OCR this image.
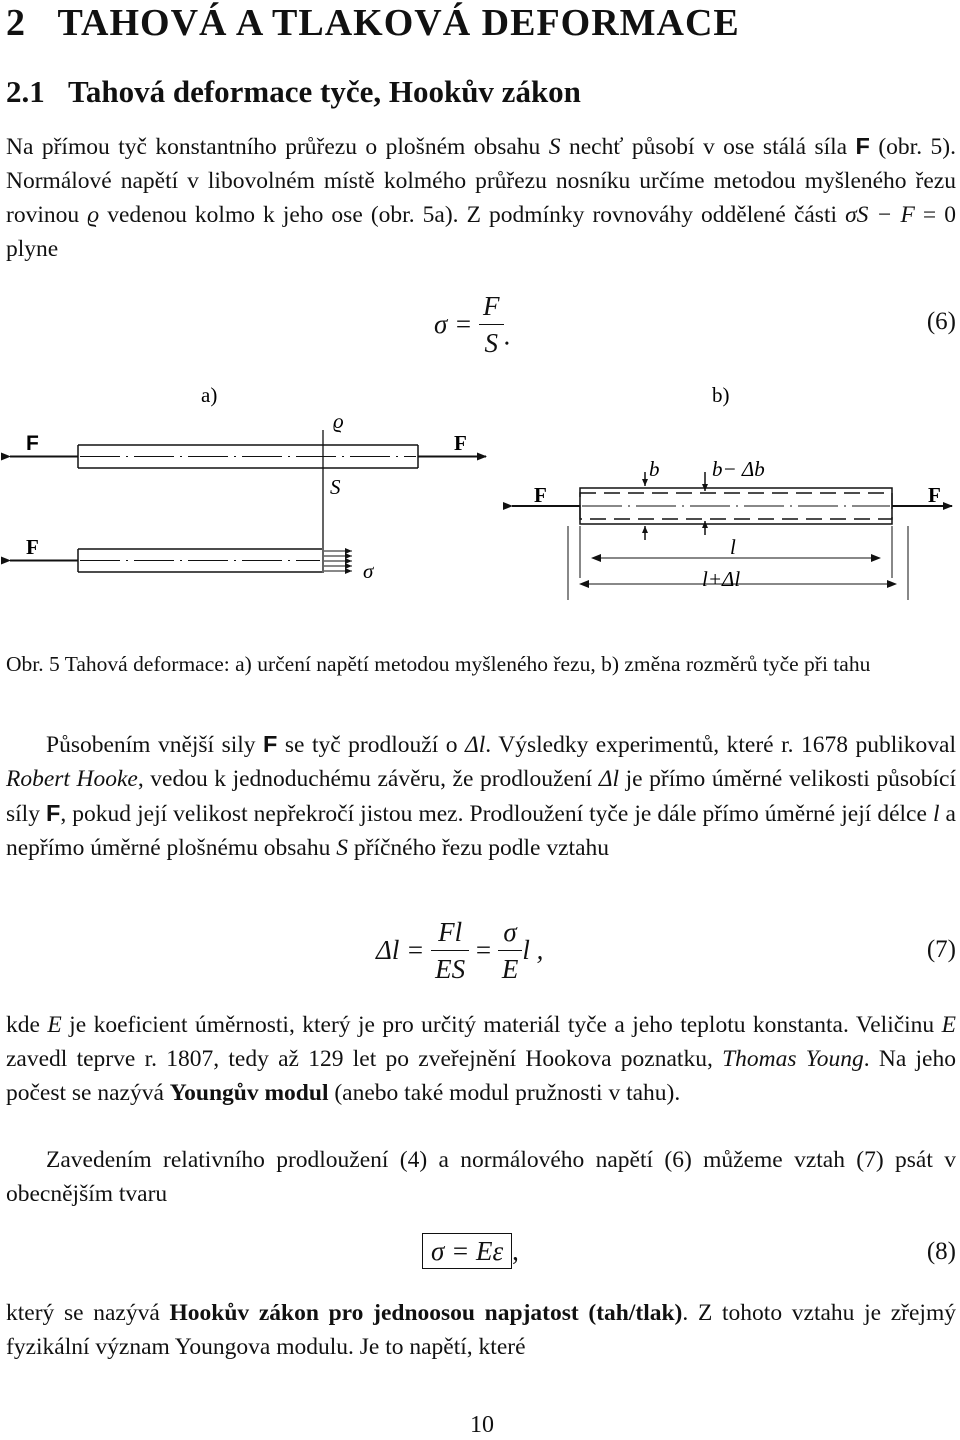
2 TAHOVÁ A TLAKOVÁ DEFORMACE
2.1 Tahová deformace tyče, Hookův zákon

Na přímou tyč konstantního průřezu o plošném obsahu S nechť působí v ose stálá síla F (obr. 5). Normálové napětí v libovolném místě kolmého průřezu nosníku určíme metodou myšleného řezu rovinou ϱ vedenou kolmo k jeho ose (obr. 5a). Z podmínky rovnováhy oddělené části σS − F = 0 plyne

$\sigma = \frac{F}{S}$ .	(6)
a)	b)
F	F
ϱ
S
F
σ
F	F
b	b− Δb
l
l+Δl

Obr. 5 Tahová deformace: a) určení napětí metodou myšleného řezu, b) změna rozměrů tyče při tahu

Působením vnější sily F se tyč prodlouží o Δl. Výsledky experimentů, které r. 1678 publikoval Robert Hooke, vedou k jednoduchému závěru, že prodloužení Δl je přímo úměrné velikosti působící síly F, pokud její velikost nepřekročí jistou mez. Prodloužení tyče je dále přímo úměrné její délce l a nepřímo úměrné plošnému obsahu S příčného řezu podle vztahu

$\Delta l = \frac{Fl}{ES} = \frac{\sigma}{E}$ l ,	(7)

kde E je koeficient úměrnosti, který je pro určitý materiál tyče a jeho teplotu konstanta. Veličinu E zavedl teprve r. 1807, tedy až 129 let po zveřejnění Hookova poznatku, Thomas Young. Na jeho počest se nazývá Youngův modul (anebo také modul pružnosti v tahu).

Zavedením relativního prodloužení (4) a normálového napětí (6) můžeme vztah (7) psát v obecnějším tvaru

σ = Eε ,	(8)

který se nazývá Hookův zákon pro jednoosou napjatost (tah/tlak). Z tohoto vztahu je zřejmý fyzikální význam Youngova modulu. Je to napětí, které

10
